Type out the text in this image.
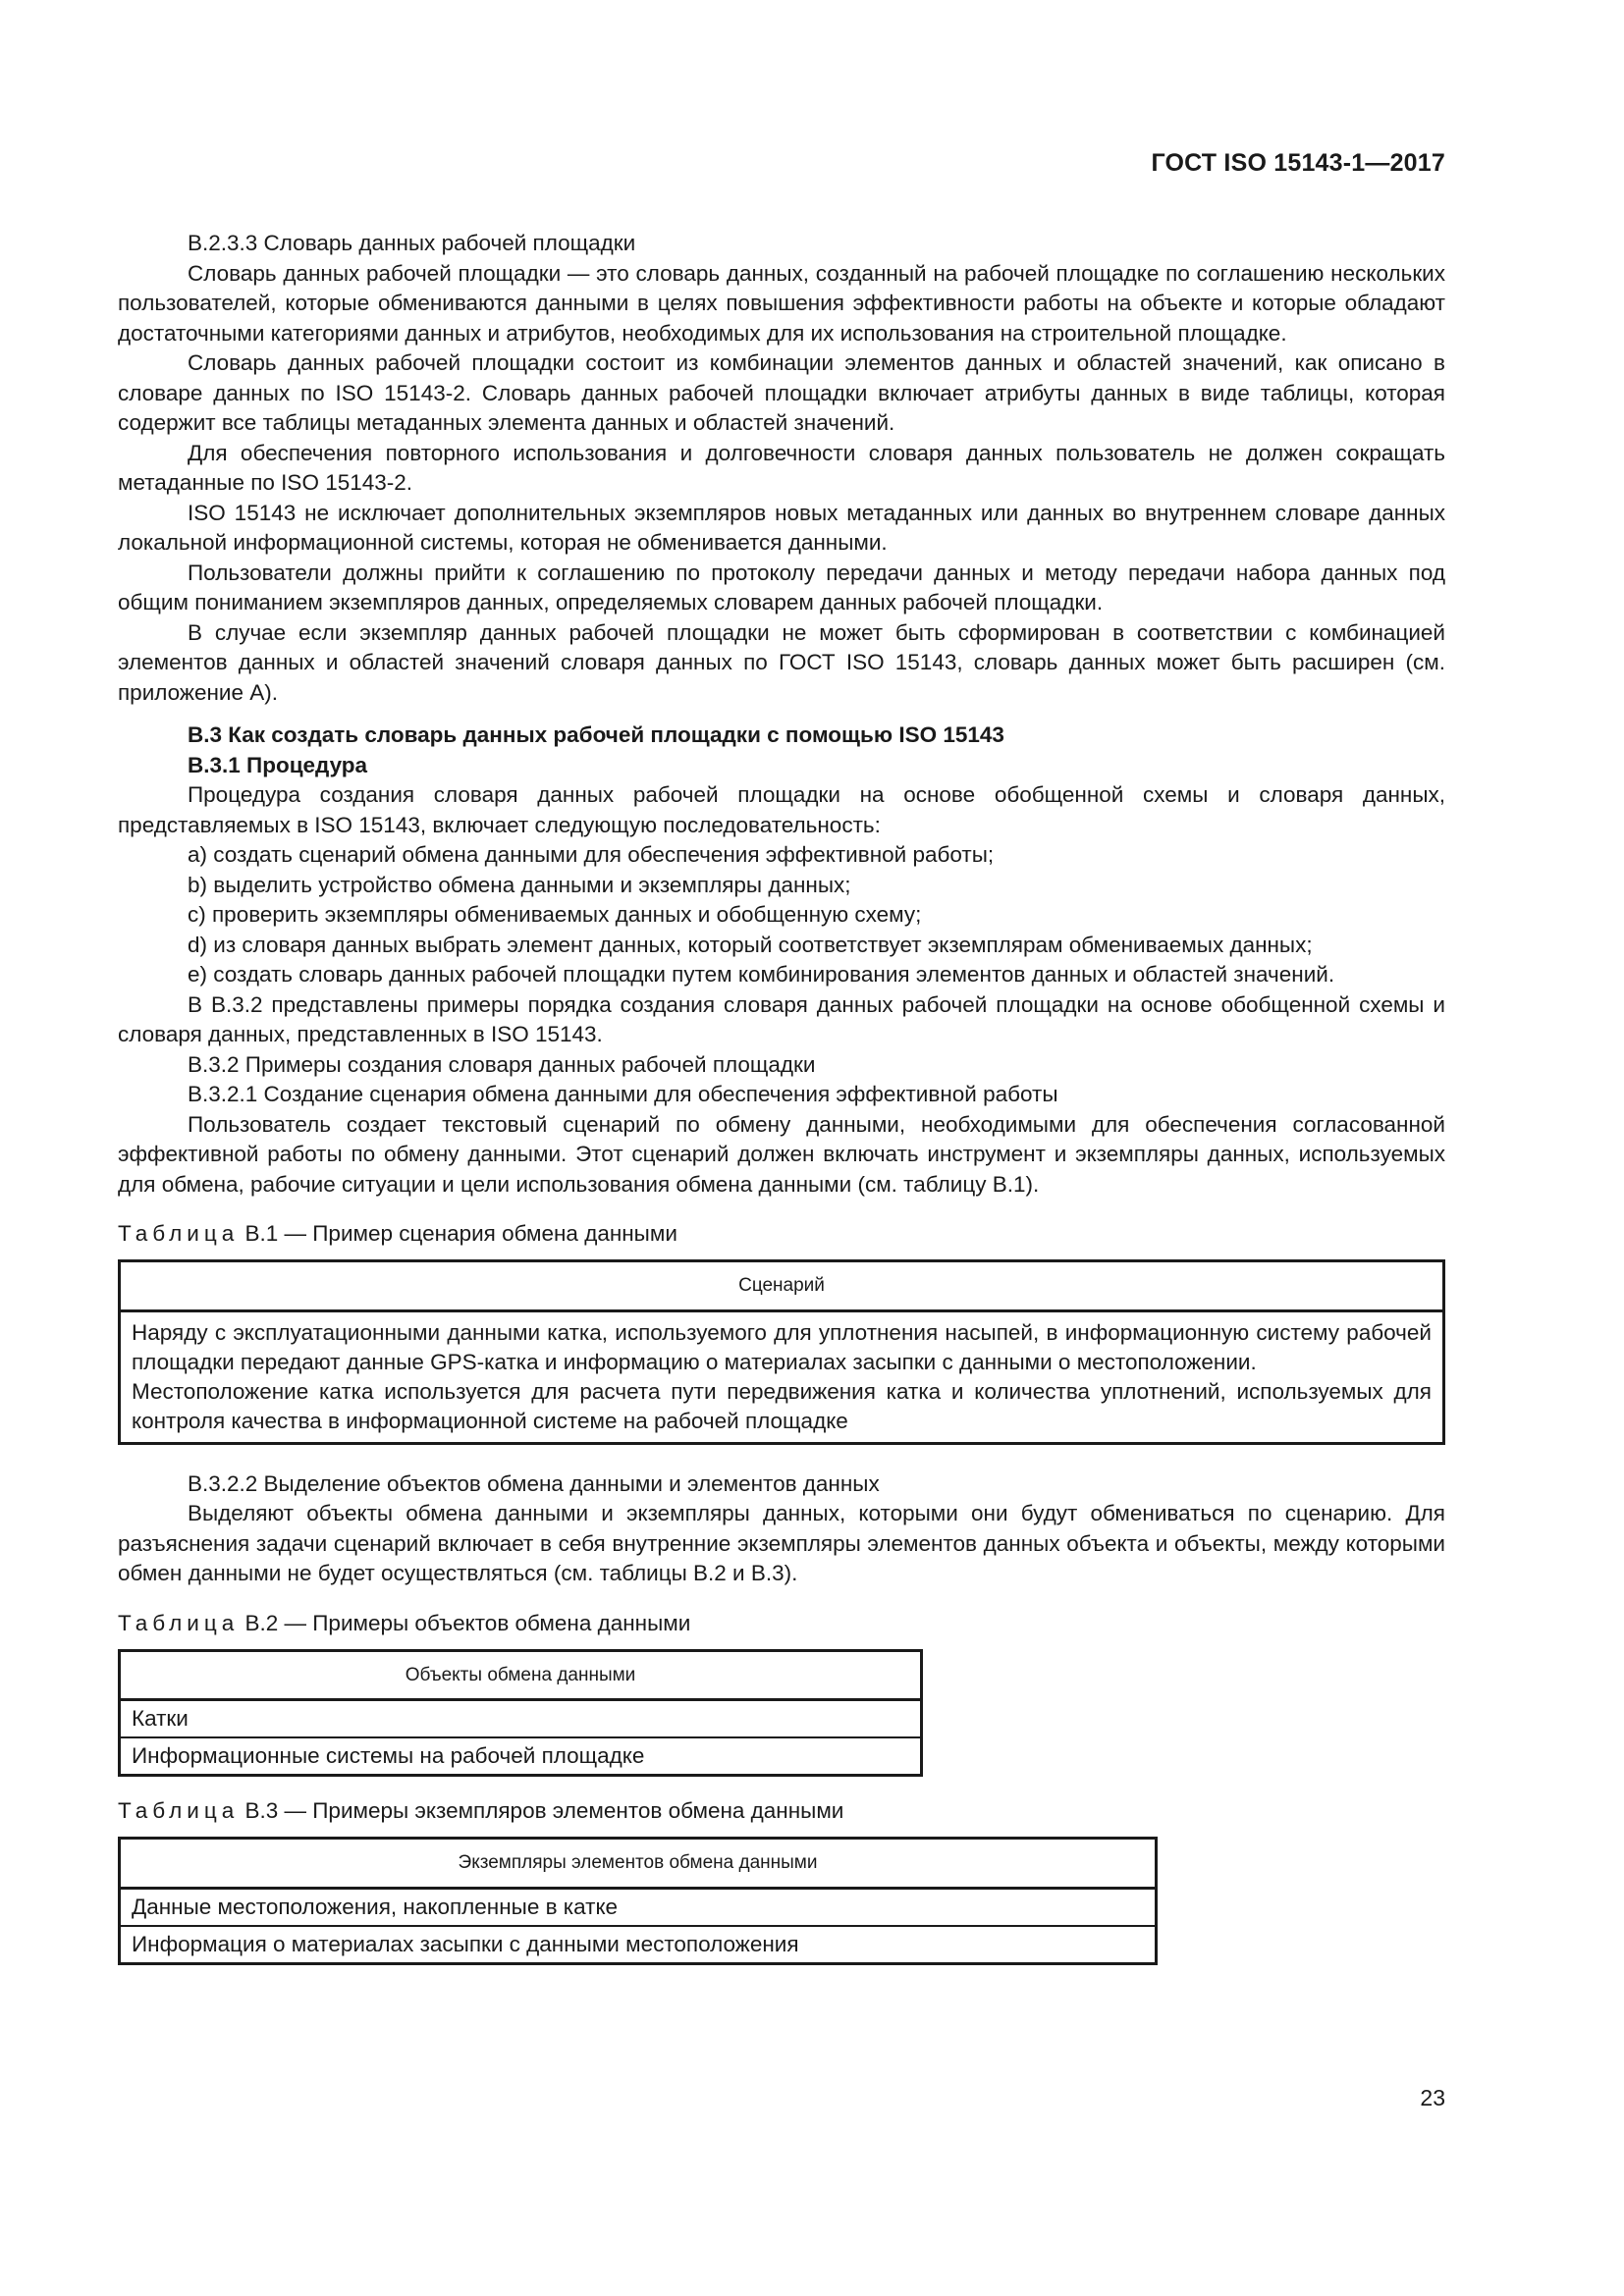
ГОСТ ISO 15143-1—2017

В.2.3.3 Словарь данных рабочей площадки

Словарь данных рабочей площадки — это словарь данных, созданный на рабочей площадке по соглашению нескольких пользователей, которые обмениваются данными в целях повышения эффективности работы на объекте и которые обладают достаточными категориями данных и атрибутов, необходимых для их использования на строительной площадке.

Словарь данных рабочей площадки состоит из комбинации элементов данных и областей значений, как описано в словаре данных по ISO 15143-2. Словарь данных рабочей площадки включает атрибуты данных в виде таблицы, которая содержит все таблицы метаданных элемента данных и областей значений.

Для обеспечения повторного использования и долговечности словаря данных пользователь не должен сокращать метаданные по ISO 15143-2.

ISO 15143 не исключает дополнительных экземпляров новых метаданных или данных во внутреннем словаре данных локальной информационной системы, которая не обменивается данными.

Пользователи должны прийти к соглашению по протоколу передачи данных и методу передачи набора данных под общим пониманием экземпляров данных, определяемых словарем данных рабочей площадки.

В случае если экземпляр данных рабочей площадки не может быть сформирован в соответствии с комбинацией элементов данных и областей значений словаря данных по ГОСТ ISO 15143, словарь данных может быть расширен (см. приложение А).

В.3 Как создать словарь данных рабочей площадки с помощью ISO 15143
В.3.1 Процедура

Процедура создания словаря данных рабочей площадки на основе обобщенной схемы и словаря данных, представляемых в ISO 15143, включает следующую последовательность:

а) создать сценарий обмена данными для обеспечения эффективной работы;

b) выделить устройство обмена данными и экземпляры данных;

с) проверить экземпляры обмениваемых данных и обобщенную схему;

d) из словаря данных выбрать элемент данных, который соответствует экземплярам обмениваемых данных;

е) создать словарь данных рабочей площадки путем комбинирования элементов данных и областей значений.

В В.3.2 представлены примеры порядка создания словаря данных рабочей площадки на основе обобщенной схемы и словаря данных, представленных в ISO 15143.

В.3.2 Примеры создания словаря данных рабочей площадки

В.3.2.1 Создание сценария обмена данными для обеспечения эффективной работы

Пользователь создает текстовый сценарий по обмену данными, необходимыми для обеспечения согласованной эффективной работы по обмену данными. Этот сценарий должен включать инструмент и экземпляры данных, используемых для обмена, рабочие ситуации и цели использования обмена данными (см. таблицу В.1).

Таблица В.1 — Пример сценария обмена данными
Сценарий

Наряду с эксплуатационными данными катка, используемого для уплотнения насыпей, в информационную систему рабочей площадки передают данные GPS-катка и информацию о материалах засыпки с данными о местоположении.
Местоположение катка используется для расчета пути передвижения катка и количества уплотнений, используемых для контроля качества в информационной системе на рабочей площадке

В.3.2.2 Выделение объектов обмена данными и элементов данных

Выделяют объекты обмена данными и экземпляры данных, которыми они будут обмениваться по сценарию. Для разъяснения задачи сценарий включает в себя внутренние экземпляры элементов данных объекта и объекты, между которыми обмен данными не будет осуществляться (см. таблицы В.2 и В.3).

Таблица В.2 — Примеры объектов обмена данными
Объекты обмена данными
Катки
Информационные системы на рабочей площадке
Таблица В.3 — Примеры экземпляров элементов обмена данными
Экземпляры элементов обмена данными
Данные местоположения, накопленные в катке
Информация о материалах засыпки с данными местоположения
23
